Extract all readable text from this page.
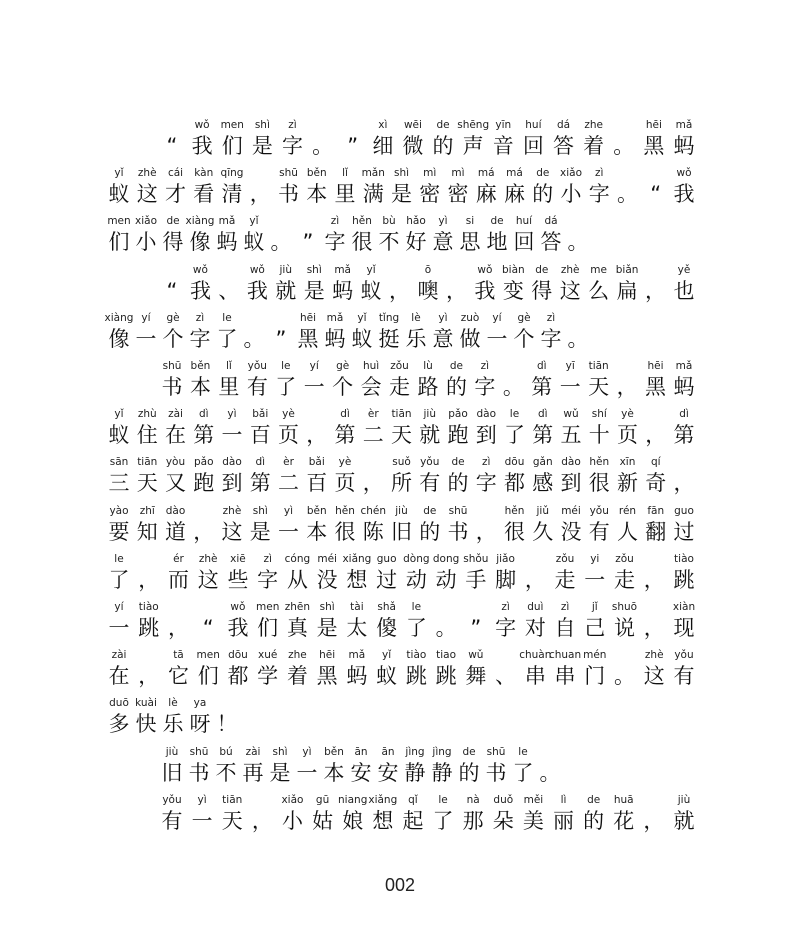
“
wǒ
我
men
们
shì
是
zì
字 。 ”
xì
细
wēi
微
de
的
shēng
声
yīn
音
huí
回
dá
答
zhe
着 。
hēi
黑
mǎ
蚂
yǐ
蚁
zhè
这
cái
才
kàn
看
qīng
清 ，
shū
书
běn
本
lǐ
里
mǎn
满
shì
是
mì
密
mì
密
má
麻
má
麻
de
的
xiǎo
小
zì
字 。 “
wǒ
我
men
们
xiǎo
小
de
得
xiàng
像
mǎ
蚂
yǐ
蚁 。 ”
zì
字
hěn
很
bù
不
hǎo
好
yì
意
si
思
de
地
huí
回
dá
答 。
“
wǒ
我 、
wǒ
我
jiù
就
shì
是
mǎ
蚂
yǐ
蚁 ，
ō
噢 ，
wǒ
我
biàn
变
de
得
zhè
这
me
么
biǎn
扁 ，
yě
也
xiàng
像
yí
一
gè
个
zì
字
le
了 。 ”
hēi
黑
mǎ
蚂
yǐ
蚁
tǐng
挺
lè
乐
yì
意
zuò
做
yí
一
gè
个
zì
字 。
shū
书
běn
本
lǐ
里
yǒu
有
le
了
yí
一
gè
个
huì
会
zǒu
走
lù
路
de
的
zì
字 。
dì
第
yī
一
tiān
天 ，
hēi
黑
mǎ
蚂
yǐ
蚁
zhù
住
zài
在
dì
第
yì
一
bǎi
百
yè
页 ，
dì
第
èr
二
tiān
天
jiù
就
pǎo
跑
dào
到
le
了
dì
第
wǔ
五
shí
十
yè
页 ，
dì
第
sān
三
tiān
天
yòu
又
pǎo
跑
dào
到
dì
第
èr
二
bǎi
百
yè
页 ，
suǒ
所
yǒu
有
de
的
zì
字
dōu
都
gǎn
感
dào
到
hěn
很
xīn
新
qí
奇 ，
yào
要
zhī
知
dào
道 ，
zhè
这
shì
是
yì
一
běn
本
hěn
很
chén
陈
jiù
旧
de
的
shū
书 ，
hěn
很
jiǔ
久
méi
没
yǒu
有
rén
人
fān
翻
guo
过
le
了 ，
ér
而
zhè
这
xiē
些
zì
字
cóng
从
méi
没
xiǎng
想
guo
过
dòng
动
dong
动
shǒu
手
jiǎo
脚 ，
zǒu
走
yi
一
zǒu
走 ，
tiào
跳
yí
一
tiào
跳 ， “
wǒ
我
men
们
zhēn
真
shì
是
tài
太
shǎ
傻
le
了 。 ”
zì
字
duì
对
zì
自
jǐ
己
shuō
说 ，
xiàn
现
zài
在 ，
tā
它
men
们
dōu
都
xué
学
zhe
着
hēi
黑
mǎ
蚂
yǐ
蚁
tiào
跳
tiao
跳
wǔ
舞 、
chuàn
串
chuan
串
mén
门 。
zhè
这
yǒu
有
duō
多
kuài
快
lè
乐
ya
呀 ！
jiù
旧
shū
书
bú
不
zài
再
shì
是
yì
一
běn
本
ān
安
ān
安
jìng
静
jìng
静
de
的
shū
书
le
了 。
yǒu
有
yì
一
tiān
天 ，
xiǎo
小
gū
姑
niang
娘
xiǎng
想
qǐ
起
le
了
nà
那
duǒ
朵
měi
美
lì
丽
de
的
huā
花 ，
jiù
就
002
